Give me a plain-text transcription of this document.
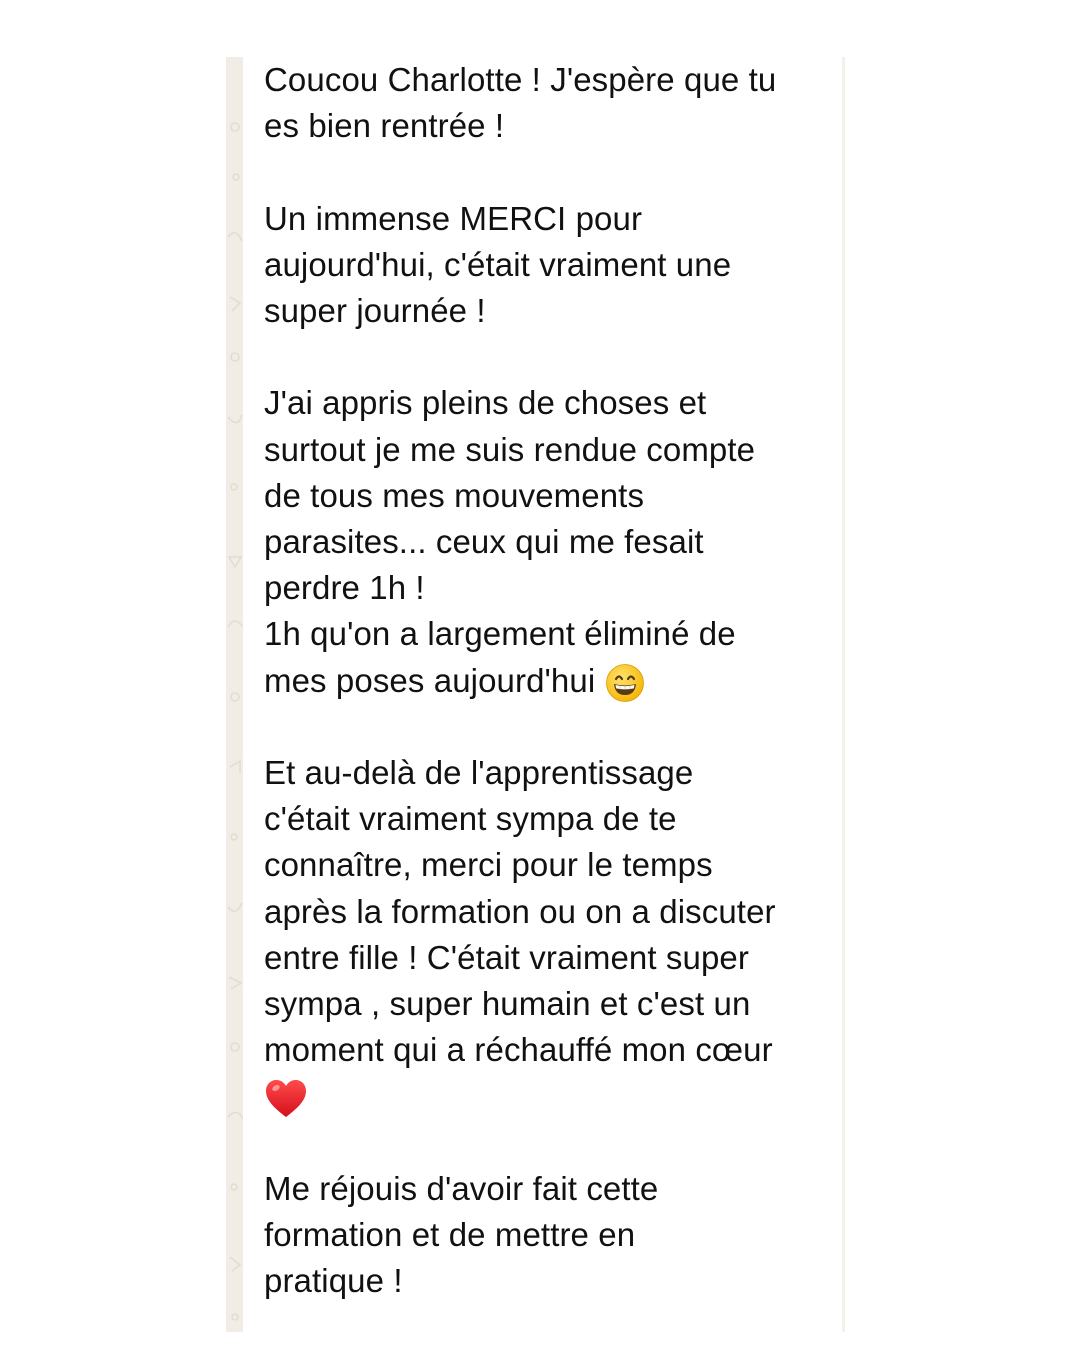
Coucou Charlotte ! J'espère que tu

es bien rentrée !

Un immense MERCI pour

aujourd'hui, c'était vraiment une

super journée !

J'ai appris pleins de choses et

surtout je me suis rendue compte

de tous mes mouvements

parasites... ceux qui me fesait

perdre 1h !

1h qu'on a largement éliminé de

mes poses aujourd'hui

Et au-delà de l'apprentissage

c'était vraiment sympa de te

connaître, merci pour le temps

après la formation ou on a discuter

entre fille ! C'était vraiment super

sympa , super humain et c'est un

moment qui a réchauffé mon cœur

Me réjouis d'avoir fait cette

formation et de mettre en

pratique !
